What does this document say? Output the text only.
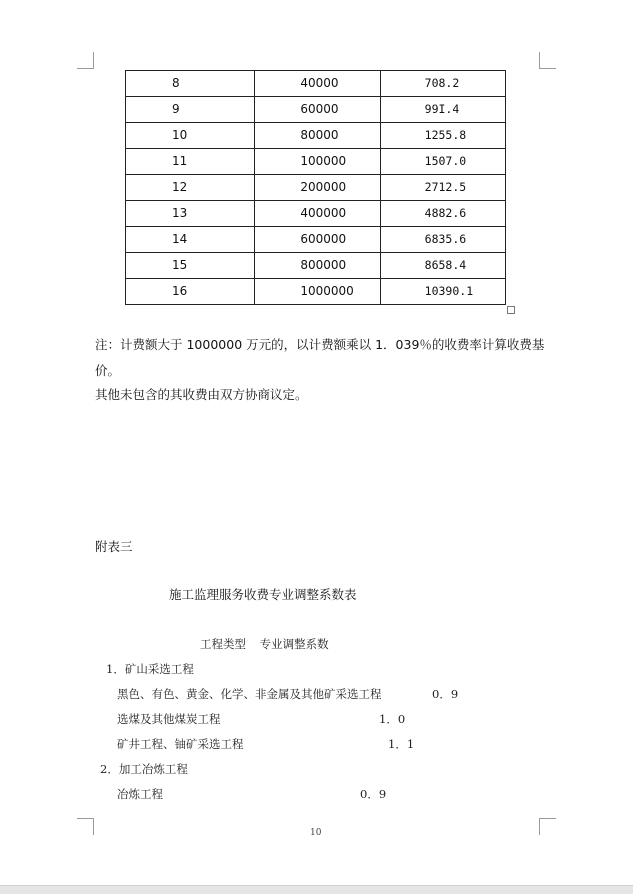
8	40000	708.2
9	60000	99I.4
10	80000	1255.8
11	100000	1507.0
12	200000	2712.5
13	400000	4882.6
14	600000	6835.6
15	800000	8658.4
16	1000000	10390.1
注：计费额大于 1000000 万元的，以计费额乘以 1．039％的收费率计算收费基
价。
其他未包含的其收费由双方协商议定。
附表三
施工监理服务收费专业调整系数表
工程类型 专业调整系数
1．矿山采选工程
黑色、有色、黄金、化学、非金属及其他矿采选工程	0．9
选煤及其他煤炭工程	1．0
矿井工程、铀矿采选工程	1．1
2．加工冶炼工程
冶炼工程	0．9
10
